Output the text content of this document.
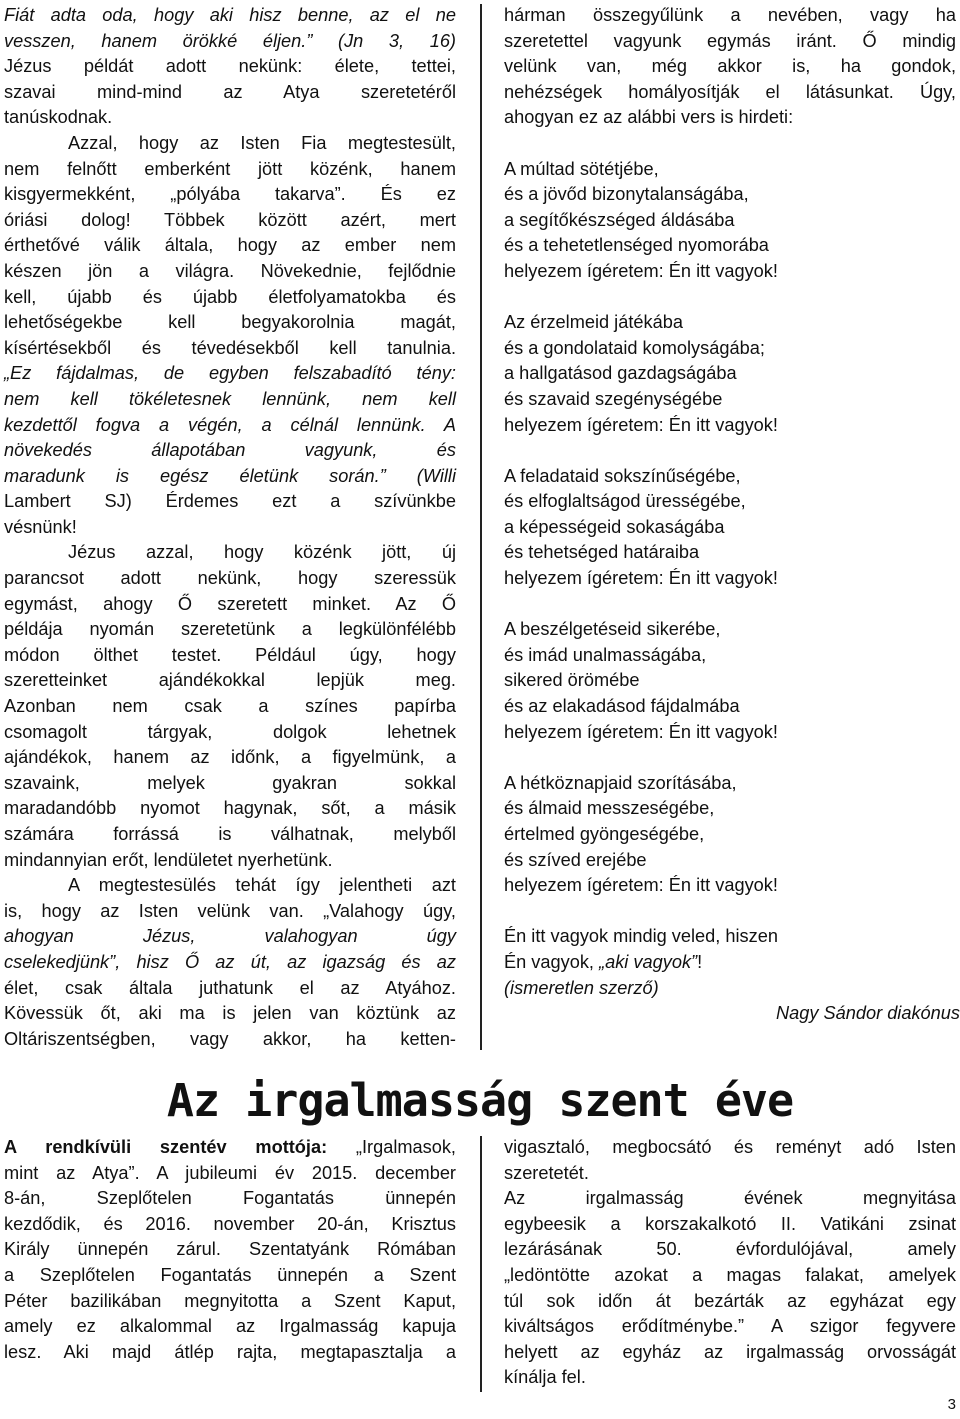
Fiát adta oda, hogy aki hisz benne, az el ne

vesszen, hanem örökké éljen.” (Jn 3, 16)

Jézus példát adott nekünk: élete, tettei,

szavai mind-mind az Atya szeretetéről

tanúskodnak.

Azzal, hogy az Isten Fia megtestesült,

nem felnőtt emberként jött közénk, hanem

kisgyermekként, „pólyába takarva”. És ez

óriási dolog! Többek között azért, mert

érthetővé válik általa, hogy az ember nem

készen jön a világra. Növekednie, fejlődnie

kell, újabb és újabb életfolyamatokba és

lehetőségekbe kell begyakorolnia magát,

kísértésekből és tévedésekből kell tanulnia.

„Ez fájdalmas, de egyben felszabadító tény:

nem kell tökéletesnek lennünk, nem kell

kezdettől fogva a végén, a célnál lennünk. A

növekedés állapotában vagyunk, és

maradunk is egész életünk során.” (Willi

Lambert SJ) Érdemes ezt a szívünkbe

vésnünk!

Jézus azzal, hogy közénk jött, új

parancsot adott nekünk, hogy szeressük

egymást, ahogy Ő szeretett minket. Az Ő

példája nyomán szeretetünk a legkülönfélébb

módon ölthet testet. Például úgy, hogy

szeretteinket ajándékokkal lepjük meg.

Azonban nem csak a színes papírba

csomagolt tárgyak, dolgok lehetnek

ajándékok, hanem az időnk, a figyelmünk, a

szavaink, melyek gyakran sokkal

maradandóbb nyomot hagynak, sőt, a másik

számára forrássá is válhatnak, melyből

mindannyian erőt, lendületet nyerhetünk.

A megtestesülés tehát így jelentheti azt

is, hogy az Isten velünk van. „Valahogy úgy,

ahogyan Jézus, valahogyan úgy

cselekedjünk”, hisz Ő az út, az igazság és az

élet, csak általa juthatunk el az Atyához.

Kövessük őt, aki ma is jelen van köztünk az

Oltáriszentségben, vagy akkor, ha ketten-

hárman összegyűlünk a nevében, vagy ha

szeretettel vagyunk egymás iránt. Ő mindig

velünk van, még akkor is, ha gondok,

nehézségek homályosítják el látásunkat. Úgy,

ahogyan ez az alábbi vers is hirdeti:

A múltad sötétjébe,

és a jövőd bizonytalanságába,

a segítőkészséged áldásába

és a tehetetlenséged nyomorába

helyezem ígéretem: Én itt vagyok!

Az érzelmeid játékába

és a gondolataid komolyságába;

a hallgatásod gazdagságába

és szavaid szegénységébe

helyezem ígéretem: Én itt vagyok!

A feladataid sokszínűségébe,

és elfoglaltságod ürességébe,

a képességeid sokaságába

és tehetséged határaiba

helyezem ígéretem: Én itt vagyok!

A beszélgetéseid sikerébe,

és imád unalmasságába,

sikered örömébe

és az elakadásod fájdalmába

helyezem ígéretem: Én itt vagyok!

A hétköznapjaid szorításába,

és álmaid messzeségébe,

értelmed gyöngeségébe,

és szíved erejébe

helyezem ígéretem: Én itt vagyok!

Én itt vagyok mindig veled, hiszen

Én vagyok, „aki vagyok”!

(ismeretlen szerző)

Nagy Sándor diakónus

Az irgalmasság szent éve

A rendkívüli szentév mottója: „Irgalmasok,

mint az Atya”. A jubileumi év 2015. december

8-án, Szeplőtelen Fogantatás ünnepén

kezdődik, és 2016. november 20-án, Krisztus

Király ünnepén zárul. Szentatyánk Rómában

a Szeplőtelen Fogantatás ünnepén a Szent

Péter bazilikában megnyitotta a Szent Kaput,

amely ez alkalommal az Irgalmasság kapuja

lesz. Aki majd átlép rajta, megtapasztalja a

vigasztaló, megbocsátó és reményt adó Isten

szeretetét.

Az irgalmasság évének megnyitása

egybeesik a korszakalkotó II. Vatikáni zsinat

lezárásának 50. évfordulójával, amely

„ledöntötte azokat a magas falakat, amelyek

túl sok időn át bezárták az egyházat egy

kiváltságos erődítménybe.” A szigor fegyvere

helyett az egyház az irgalmasság orvosságát

kínálja fel.

3
